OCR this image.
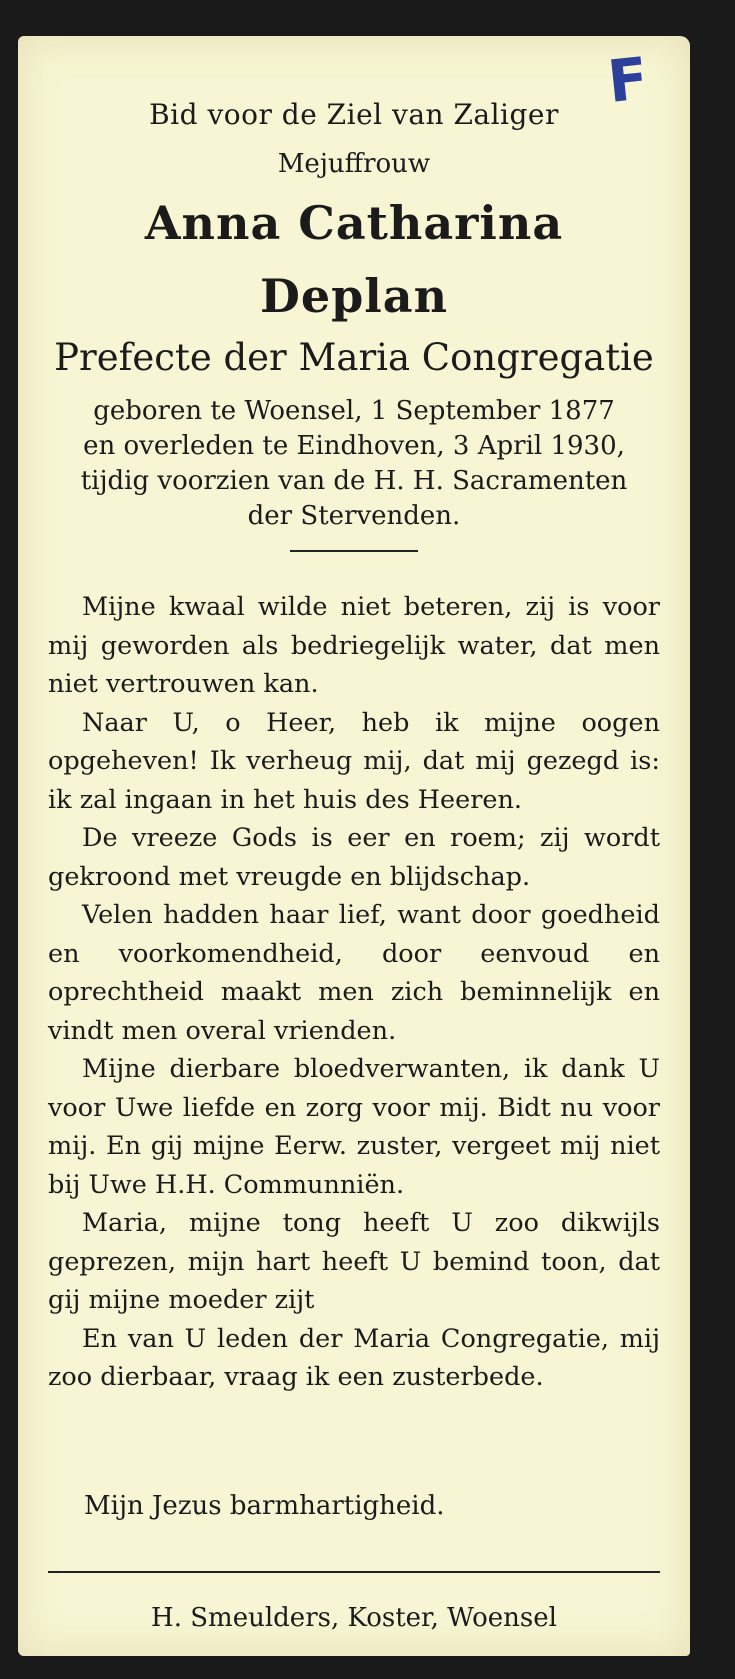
F
Bid voor de Ziel van Zaliger
Mejuffrouw
Anna Catharina
Deplan
Prefecte der Maria Congregatie
geboren te Woensel, 1 September 1877
en overleden te Eindhoven, 3 April 1930,
tijdig voorzien van de H. H. Sacramenten
der Stervenden.

Mijne kwaal wilde niet beteren, zij is voor mij geworden als bedriegelijk water, dat men niet vertrouwen kan.

Naar U, o Heer, heb ik mijne oogen opgeheven! Ik verheug mij, dat mij gezegd is: ik zal ingaan in het huis des Heeren.

De vreeze Gods is eer en roem; zij wordt gekroond met vreugde en blijdschap.

Velen hadden haar lief, want door goedheid en voorkomendheid, door eenvoud en oprechtheid maakt men zich beminnelijk en vindt men overal vrienden.

Mijne dierbare bloedverwanten, ik dank U voor Uwe liefde en zorg voor mij. Bidt nu voor mij. En gij mijne Eerw. zuster, vergeet mij niet bij Uwe H.H. Communniën.

Maria, mijne tong heeft U zoo dikwijls geprezen, mijn hart heeft U bemind toon, dat gij mijne moeder zijt

En van U leden der Maria Congregatie, mij zoo dierbaar, vraag ik een zusterbede.

Mijn Jezus barmhartigheid.
H. Smeulders, Koster, Woensel
